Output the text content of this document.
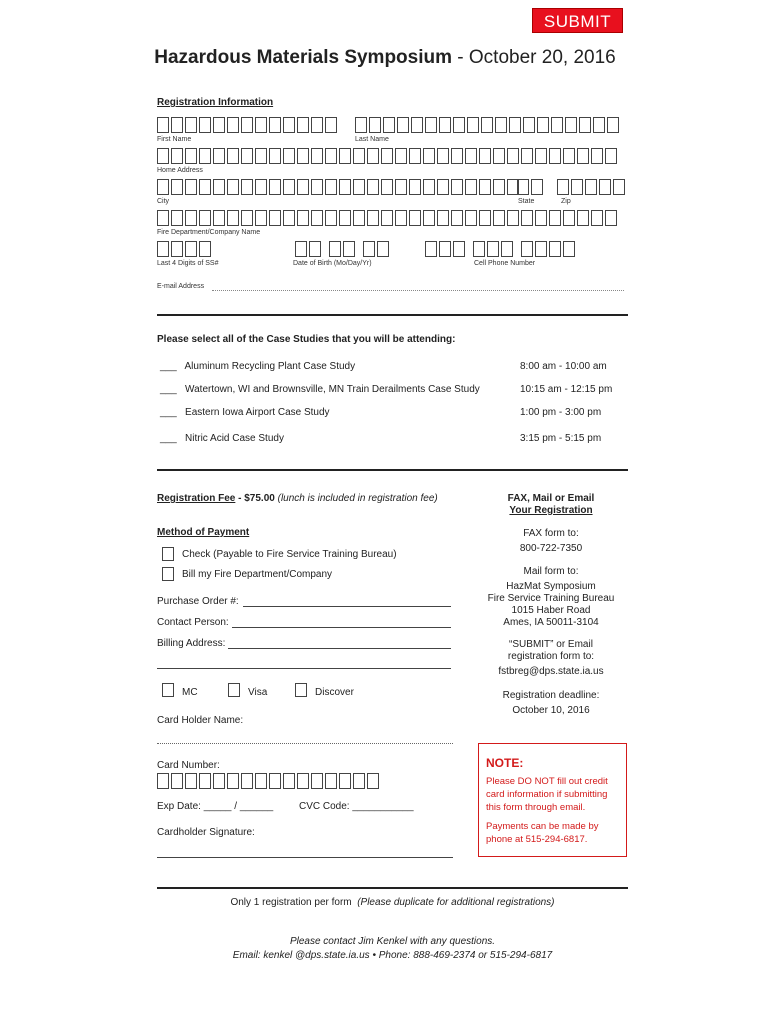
SUBMIT
Hazardous Materials Symposium - October 20, 2016
Registration Information
First Name	Last Name
Home Address
City	State	Zip
Fire Department/Company Name
Last 4 Digits of SS#	Date of Birth (Mo/Day/Yr)	Cell Phone Number
E-mail Address
Please select all of the Case Studies that you will be attending:
___ Aluminum Recycling Plant Case Study	8:00 am - 10:00 am
___ Watertown, WI and Brownsville, MN Train Derailments Case Study	10:15 am - 12:15 pm
___ Eastern Iowa Airport Case Study	1:00 pm - 3:00 pm
___ Nitric Acid Case Study	3:15 pm - 5:15 pm
Registration Fee - $75.00 (lunch is included in registration fee)
Method of Payment
Check (Payable to Fire Service Training Bureau)
Bill my Fire Department/Company
Purchase Order #:
Contact Person:
Billing Address:
MC	Visa	Discover
Card Holder Name:
Card Number:
Exp Date: _____ / ______	CVC Code: ___________
Cardholder Signature:
FAX, Mail or Email
Your Registration
FAX form to:
800-722-7350
Mail form to:
HazMat Symposium
Fire Service Training Bureau
1015 Haber Road
Ames, IA 50011-3104
“SUBMIT” or Email
registration form to:
fstbreg@dps.state.ia.us
Registration deadline:
October 10, 2016
NOTE:
Please DO NOT fill out credit card information if submitting this form through email.
Payments can be made by phone at 515-294-6817.
Only 1 registration per form (Please duplicate for additional registrations)
Please contact Jim Kenkel with any questions.
Email: kenkel @dps.state.ia.us • Phone: 888-469-2374 or 515-294-6817
